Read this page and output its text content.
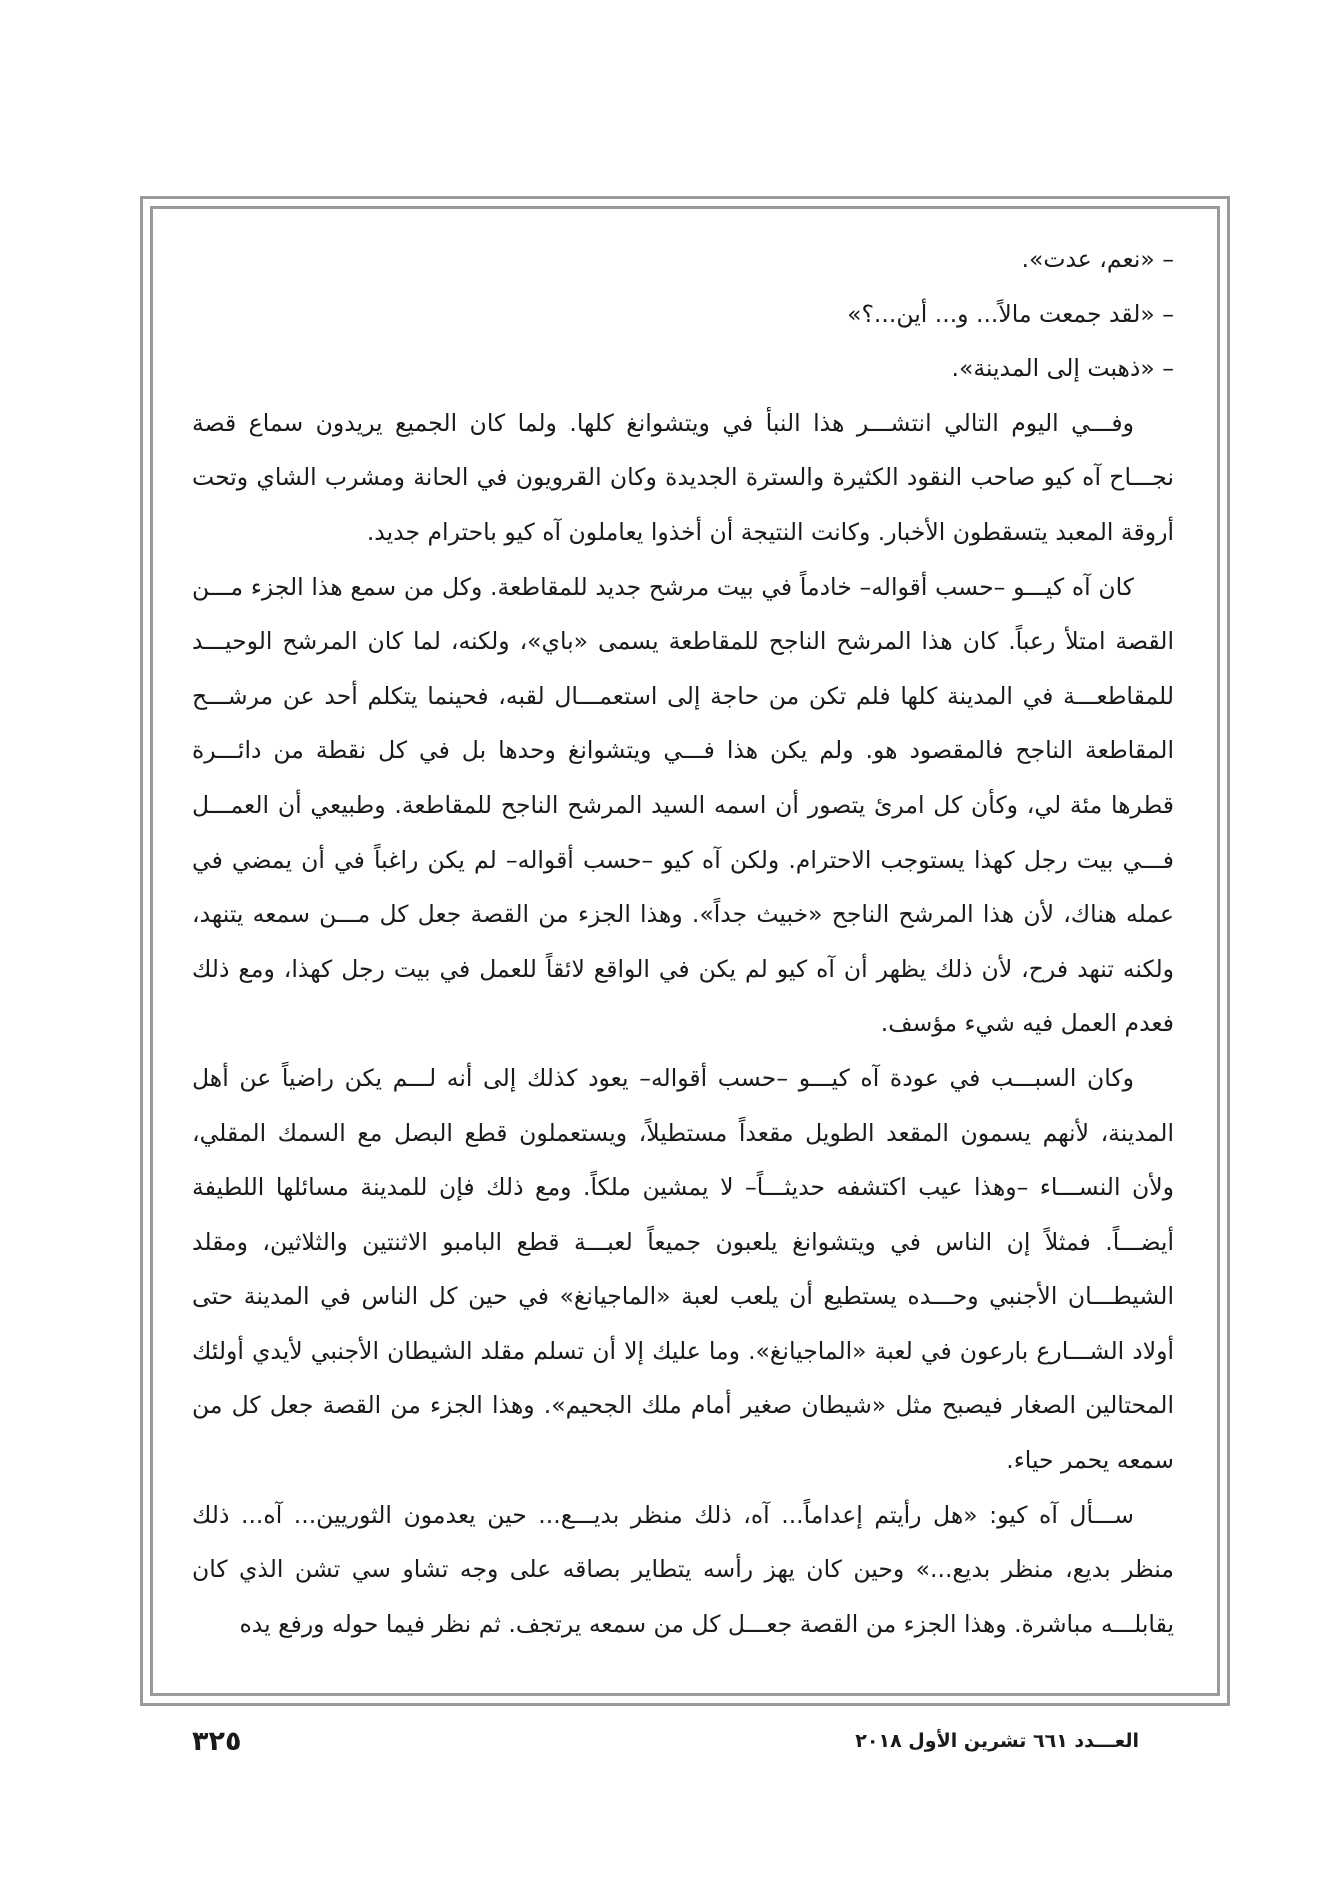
– «نعم، عدت».

– «لقد جمعت مالاً... و... أين...؟»

– «ذهبت إلى المدينة».

وفـــي اليوم التالي انتشـــر هذا النبأ في ويتشوانغ كلها. ولما كان الجميع يريدون سماع قصة نجـــاح آه كيو صاحب النقود الكثيرة والسترة الجديدة وكان القرويون في الحانة ومشرب الشاي وتحت أروقة المعبد يتسقطون الأخبار. وكانت النتيجة أن أخذوا يعاملون آه كيو باحترام جديد.

كان آه كيـــو –حسب أقواله– خادماً في بيت مرشح جديد للمقاطعة. وكل من سمع هذا الجزء مـــن القصة امتلأ رعباً. كان هذا المرشح الناجح للمقاطعة يسمى «باي»، ولكنه، لما كان المرشح الوحيـــد للمقاطعـــة في المدينة كلها فلم تكن من حاجة إلى استعمـــال لقبه، فحينما يتكلم أحد عن مرشـــح المقاطعة الناجح فالمقصود هو. ولم يكن هذا فـــي ويتشوانغ وحدها بل في كل نقطة من دائـــرة قطرها مئة لي، وكأن كل امرئ يتصور أن اسمه السيد المرشح الناجح للمقاطعة. وطبيعي أن العمـــل فـــي بيت رجل كهذا يستوجب الاحترام. ولكن آه كيو –حسب أقواله– لم يكن راغباً في أن يمضي في عمله هناك، لأن هذا المرشح الناجح «خبيث جداً». وهذا الجزء من القصة جعل كل مـــن سمعه يتنهد، ولكنه تنهد فرح، لأن ذلك يظهر أن آه كيو لم يكن في الواقع لائقاً للعمل في بيت رجل كهذا، ومع ذلك فعدم العمل فيه شيء مؤسف.

وكان السبـــب في عودة آه كيـــو –حسب أقواله– يعود كذلك إلى أنه لـــم يكن راضياً عن أهل المدينة، لأنهم يسمون المقعد الطويل مقعداً مستطيلاً، ويستعملون قطع البصل مع السمك المقلي، ولأن النســـاء –وهذا عيب اكتشفه حديثـــاً– لا يمشين ملكاً. ومع ذلك فإن للمدينة مسائلها اللطيفة أيضـــاً. فمثلاً إن الناس في ويتشوانغ يلعبون جميعاً لعبـــة قطع البامبو الاثنتين والثلاثين، ومقلد الشيطـــان الأجنبي وحـــده يستطيع أن يلعب لعبة «الماجيانغ» في حين كل الناس في المدينة حتى أولاد الشـــارع بارعون في لعبة «الماجيانغ». وما عليك إلا أن تسلم مقلد الشيطان الأجنبي لأيدي أولئك المحتالين الصغار فيصبح مثل «شيطان صغير أمام ملك الجحيم». وهذا الجزء من القصة جعل كل من سمعه يحمر حياء.

ســـأل آه كيو: «هل رأيتم إعداماً... آه، ذلك منظر بديـــع... حين يعدمون الثوريين... آه... ذلك منظر بديع، منظر بديع...» وحين كان يهز رأسه يتطاير بصاقه على وجه تشاو سي تشن الذي كان يقابلـــه مباشرة. وهذا الجزء من القصة جعـــل كل من سمعه يرتجف. ثم نظر فيما حوله ورفع يده

٣٢٥	العـــدد ٦٦١ تشرين الأول ٢٠١٨
